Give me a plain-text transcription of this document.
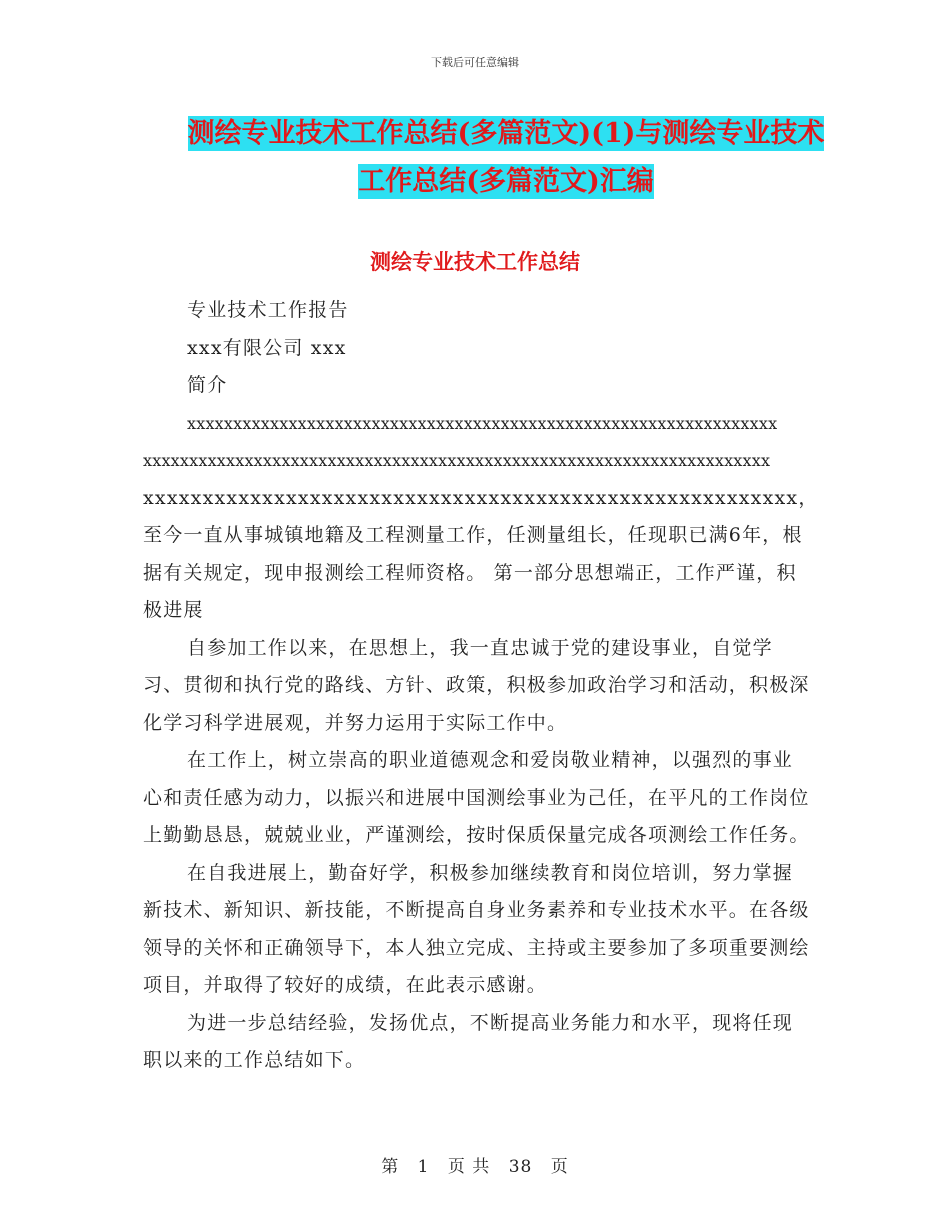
下载后可任意编辑
测绘专业技术工作总结(多篇范文)(1)与测绘专业技术
工作总结(多篇范文)汇编
测绘专业技术工作总结

专业技术工作报告

xxx有限公司 xxx

简介

xxxxxxxxxxxxxxxxxxxxxxxxxxxxxxxxxxxxxxxxxxxxxxxxxxxxxxxxxxxxxxxx

xxxxxxxxxxxxxxxxxxxxxxxxxxxxxxxxxxxxxxxxxxxxxxxxxxxxxxxxxxxxxxxxxxxx

xxxxxxxxxxxxxxxxxxxxxxxxxxxxxxxxxxxxxxxxxxxxxxxxxxxxxxx，至今一直从事城镇地籍及工程测量工作，任测量组长，任现职已满6年，根据有关规定，现申报测绘工程师资格。 第一部分思想端正，工作严谨，积极进展

自参加工作以来，在思想上，我一直忠诚于党的建设事业，自觉学习、贯彻和执行党的路线、方针、政策，积极参加政治学习和活动，积极深化学习科学进展观，并努力运用于实际工作中。

在工作上，树立崇高的职业道德观念和爱岗敬业精神，以强烈的事业心和责任感为动力，以振兴和进展中国测绘事业为己任，在平凡的工作岗位上勤勤恳恳，兢兢业业，严谨测绘，按时保质保量完成各项测绘工作任务。

在自我进展上，勤奋好学，积极参加继续教育和岗位培训，努力掌握新技术、新知识、新技能，不断提高自身业务素养和专业技术水平。在各级领导的关怀和正确领导下，本人独立完成、主持或主要参加了多项重要测绘项目，并取得了较好的成绩，在此表示感谢。

为进一步总结经验，发扬优点，不断提高业务能力和水平，现将任现职以来的工作总结如下。

第 1 页 共 38 页
